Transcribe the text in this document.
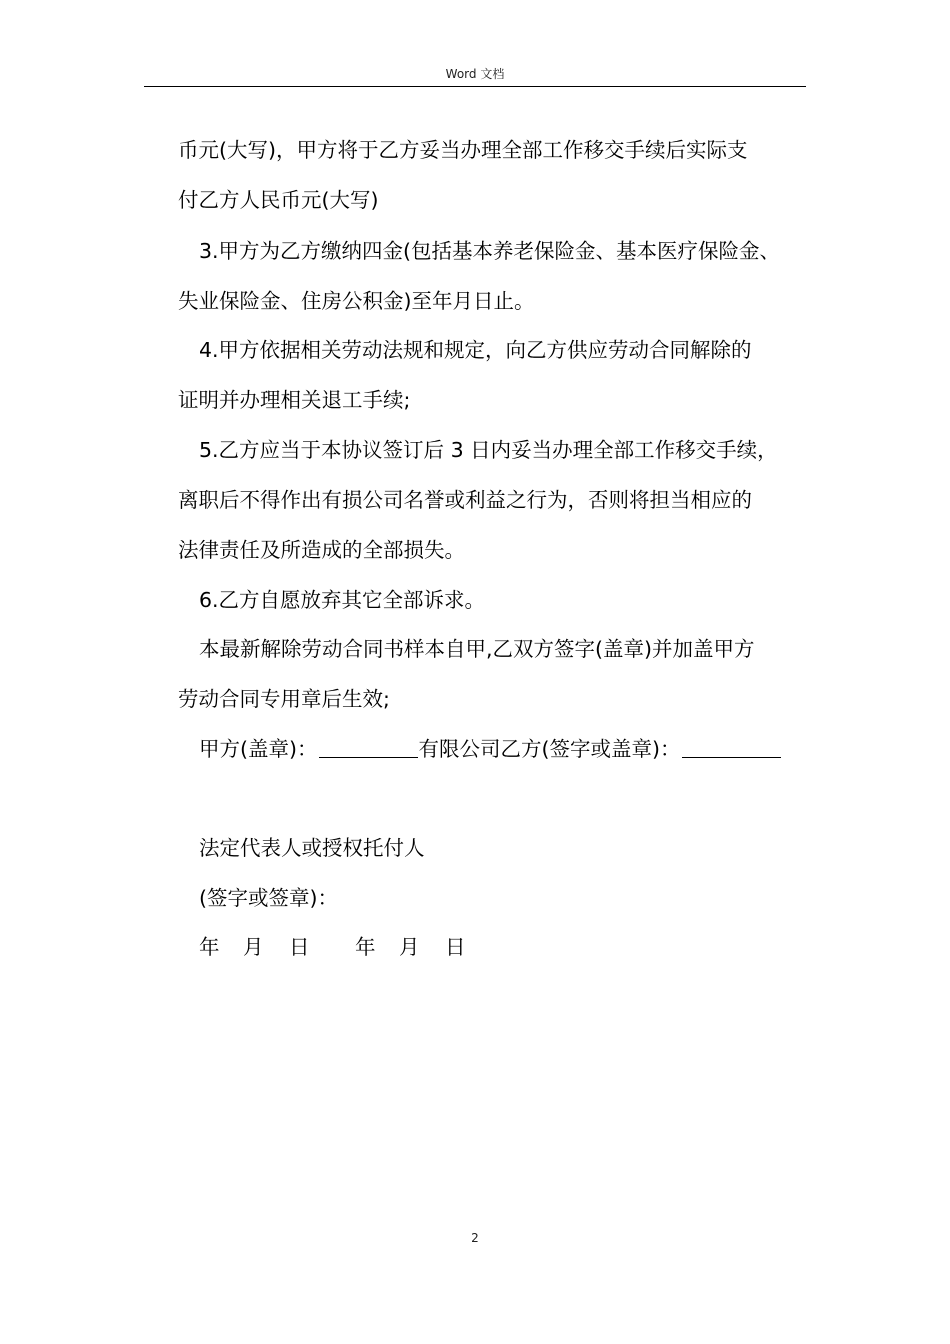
Word 文档
币元(大写)，甲方将于乙方妥当办理全部工作移交手续后实际支
付乙方人民币元(大写)
3.甲方为乙方缴纳四金(包括基本养老保险金、基本医疗保险金、
失业保险金、住房公积金)至年月日止。
4.甲方依据相关劳动法规和规定，向乙方供应劳动合同解除的
证明并办理相关退工手续;
5.乙方应当于本协议签订后 3 日内妥当办理全部工作移交手续，
离职后不得作出有损公司名誉或利益之行为，否则将担当相应的
法律责任及所造成的全部损失。
6.乙方自愿放弃其它全部诉求。
本最新解除劳动合同书样本自甲,乙双方签字(盖章)并加盖甲方
劳动合同专用章后生效;
甲方(盖章)：	有限公司乙方(签字或盖章)：
法定代表人或授权托付人
(签字或签章)：
年 月 日 年 月 日
2
